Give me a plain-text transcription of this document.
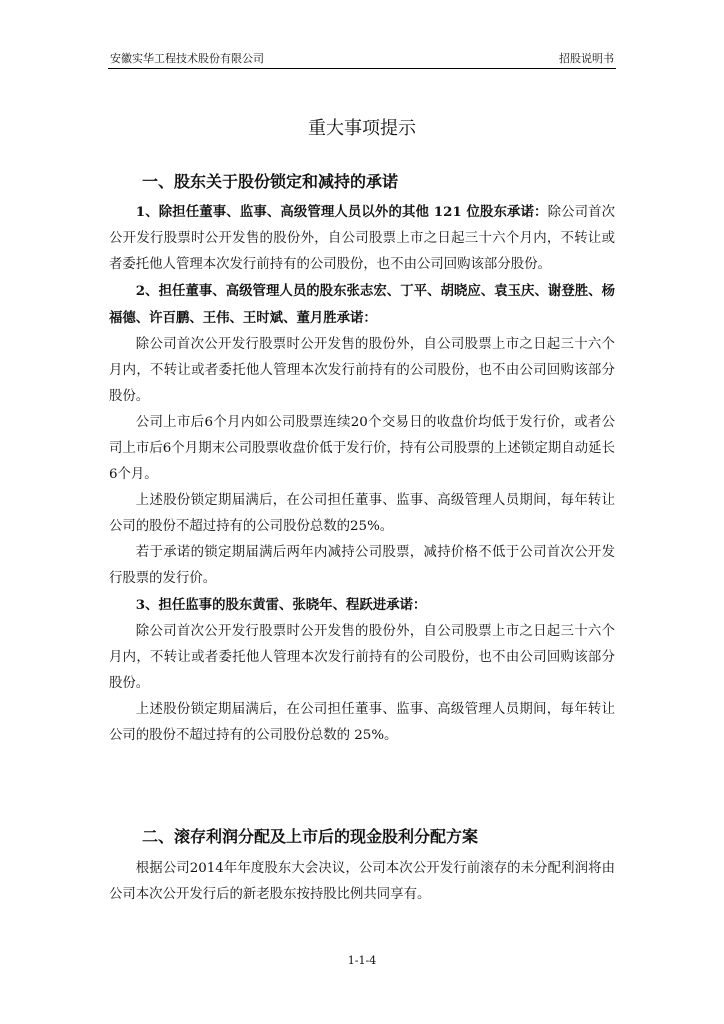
安徽实华工程技术股份有限公司	招股说明书
重大事项提示
一、股东关于股份锁定和减持的承诺

1、除担任董事、监事、高级管理人员以外的其他 121 位股东承诺：除公司首次公开发行股票时公开发售的股份外，自公司股票上市之日起三十六个月内，不转让或者委托他人管理本次发行前持有的公司股份，也不由公司回购该部分股份。

2、担任董事、高级管理人员的股东张志宏、丁平、胡晓应、袁玉庆、谢登胜、杨福德、许百鹏、王伟、王时斌、董月胜承诺：

除公司首次公开发行股票时公开发售的股份外，自公司股票上市之日起三十六个月内，不转让或者委托他人管理本次发行前持有的公司股份，也不由公司回购该部分股份。

公司上市后6个月内如公司股票连续20个交易日的收盘价均低于发行价，或者公司上市后6个月期末公司股票收盘价低于发行价，持有公司股票的上述锁定期自动延长6个月。

上述股份锁定期届满后，在公司担任董事、监事、高级管理人员期间，每年转让公司的股份不超过持有的公司股份总数的25%。

若于承诺的锁定期届满后两年内减持公司股票，减持价格不低于公司首次公开发行股票的发行价。

3、担任监事的股东黄雷、张晓年、程跃进承诺：

除公司首次公开发行股票时公开发售的股份外，自公司股票上市之日起三十六个月内，不转让或者委托他人管理本次发行前持有的公司股份，也不由公司回购该部分股份。

上述股份锁定期届满后，在公司担任董事、监事、高级管理人员期间，每年转让公司的股份不超过持有的公司股份总数的 25%。

二、滚存利润分配及上市后的现金股利分配方案

根据公司2014年年度股东大会决议，公司本次公开发行前滚存的未分配利润将由公司本次公开发行后的新老股东按持股比例共同享有。

1-1-4
